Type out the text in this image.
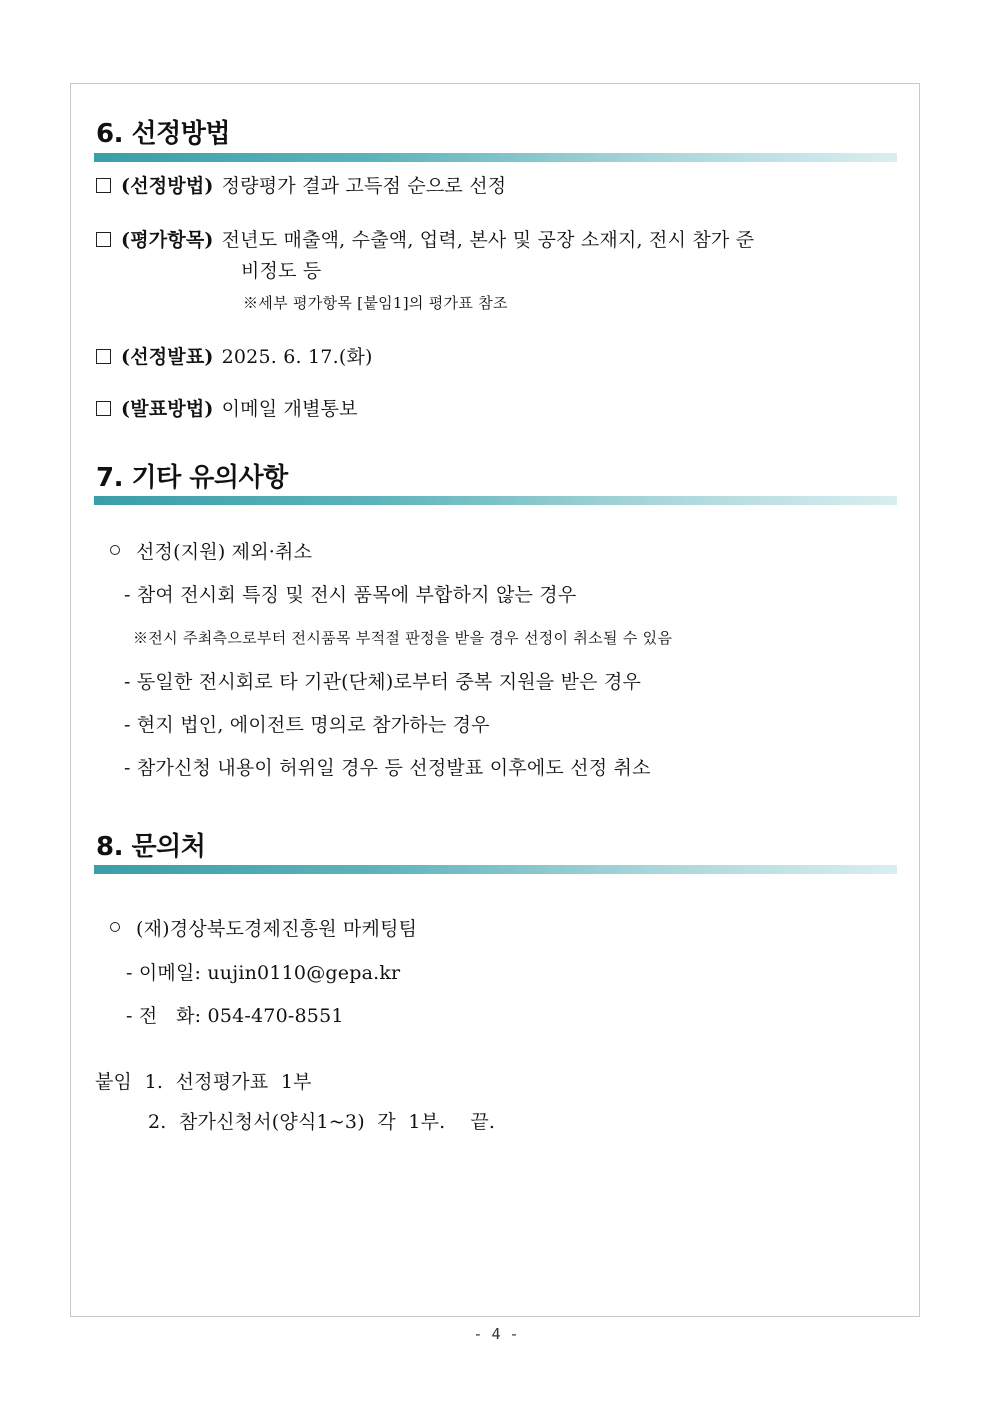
6. 선정방법
(선정방법) 정량평가 결과 고득점 순으로 선정
(평가항목) 전년도 매출액, 수출액, 업력, 본사 및 공장 소재지, 전시 참가 준
비정도 등
※세부 평가항목 [붙임1]의 평가표 참조
(선정발표) 2025. 6. 17.(화)
(발표방법) 이메일 개별통보
7. 기타 유의사항
선정(지원) 제외·취소
- 참여 전시회 특징 및 전시 품목에 부합하지 않는 경우
※전시 주최측으로부터 전시품목 부적절 판정을 받을 경우 선정이 취소될 수 있음
- 동일한 전시회로 타 기관(단체)로부터 중복 지원을 받은 경우
- 현지 법인, 에이전트 명의로 참가하는 경우
- 참가신청 내용이 허위일 경우 등 선정발표 이후에도 선정 취소
8. 문의처
(재)경상북도경제진흥원 마케팅팀
- 이메일: uujin0110@gepa.kr
- 전   화: 054-470-8551
붙임  1.  선정평가표  1부
2.  참가신청서(양식1~3)  각  1부.    끝.
- 4 -
